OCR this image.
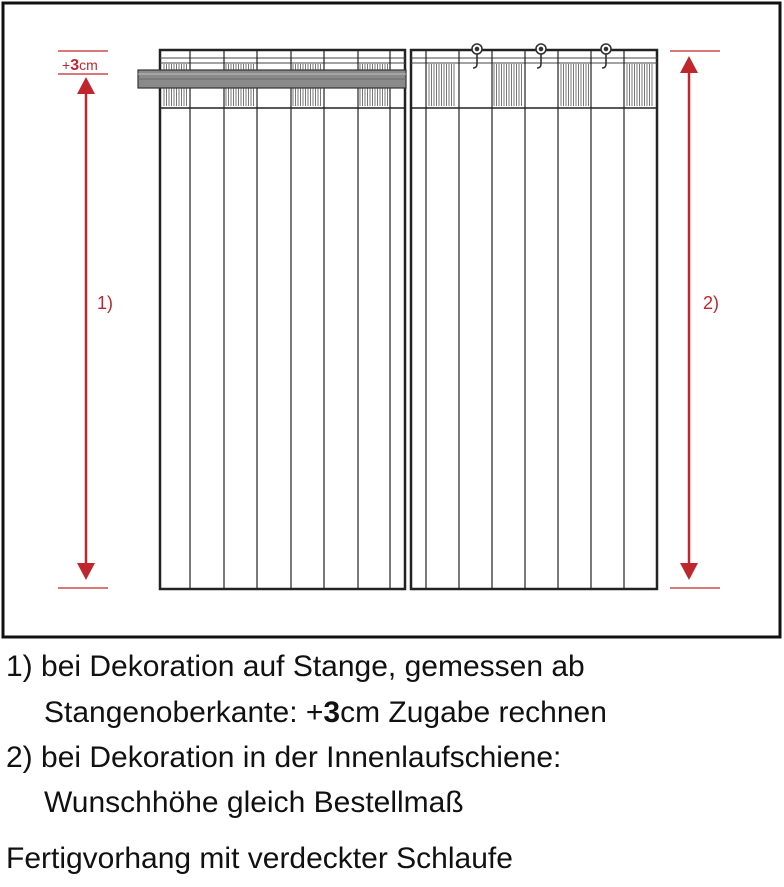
+3cm
1)	2)
1) bei Dekoration auf Stange, gemessen ab
Stangenoberkante: +3cm Zugabe rechnen
2) bei Dekoration in der Innenlaufschiene:
Wunschhöhe gleich Bestellmaß
Fertigvorhang mit verdeckter Schlaufe
